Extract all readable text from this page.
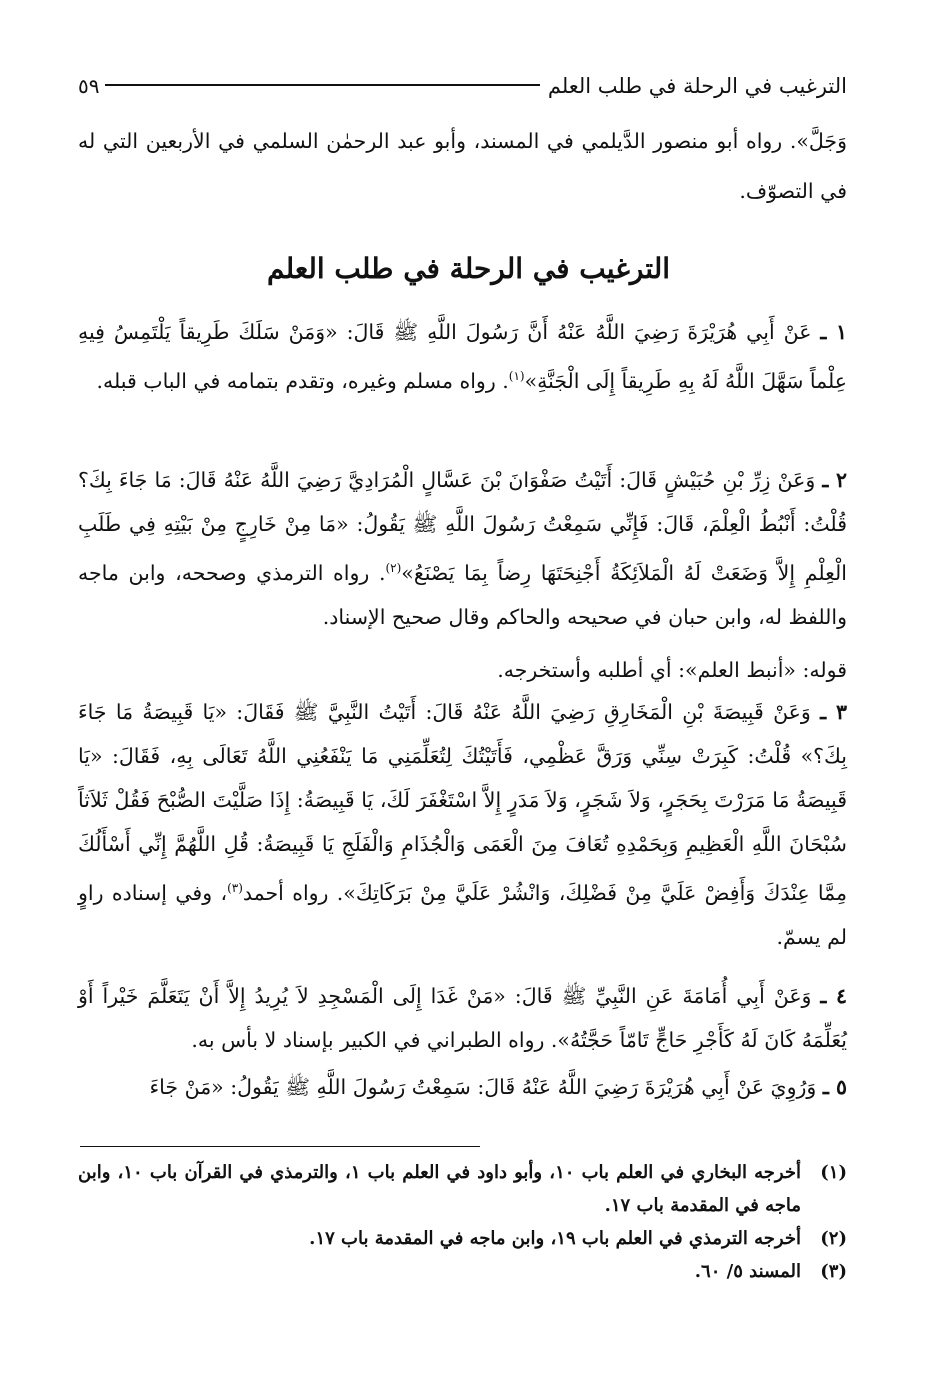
الترغيب في الرحلة في طلب العلم
٥٩

وَجَلَّ». رواه أبو منصور الدَّيلمي في المسند، وأبو عبد الرحمٰن السلمي في الأربعين التي له في التصوّف.

الترغيب في الرحلة في طلب العلم

١ ـ عَنْ أَبِي هُرَيْرَةَ رَضِيَ اللَّهُ عَنْهُ أَنَّ رَسُولَ اللَّهِ ﷺ قَالَ: «وَمَنْ سَلَكَ طَرِيقاً يَلْتَمِسُ فِيهِ عِلْماً سَهَّلَ اللَّهُ لَهُ بِهِ طَرِيقاً إِلَى الْجَنَّةِ»$^{(١)}$. رواه مسلم وغيره، وتقدم بتمامه في الباب قبله.

٢ ـ وَعَنْ زِرِّ بْنِ حُبَيْشٍ قَالَ: أَتَيْتُ صَفْوَانَ بْنَ عَسَّالٍ الْمُرَادِيَّ رَضِيَ اللَّهُ عَنْهُ قَالَ: مَا جَاءَ بِكَ؟ قُلْتُ: أَنْبُطُ الْعِلْمَ، قَالَ: فَإِنِّي سَمِعْتُ رَسُولَ اللَّهِ ﷺ يَقُولُ: «مَا مِنْ خَارِجٍ مِنْ بَيْتِهِ فِي طَلَبِ الْعِلْمِ إِلاَّ وَضَعَتْ لَهُ الْمَلاَئِكَةُ أَجْنِحَتَهَا رِضاً بِمَا يَصْنَعُ»$^{(٢)}$. رواه الترمذي وصححه، وابن ماجه واللفظ له، وابن حبان في صحيحه والحاكم وقال صحيح الإسناد.

قوله: «أنبط العلم»: أي أطلبه وأستخرجه.

٣ ـ وَعَنْ قَبِيصَةَ بْنِ الْمَخَارِقِ رَضِيَ اللَّهُ عَنْهُ قَالَ: أَتَيْتُ النَّبِيَّ ﷺ فَقَالَ: «يَا قَبِيصَةُ مَا جَاءَ بِكَ؟» قُلْتُ: كَبِرَتْ سِنِّي وَرَقَّ عَظْمِي، فَأَتَيْتُكَ لِتُعَلِّمَنِي مَا يَنْفَعُنِي اللَّهُ تَعَالَى بِهِ، فَقَالَ: «يَا قَبِيصَةُ مَا مَرَرْتَ بِحَجَرٍ، وَلاَ شَجَرٍ، وَلاَ مَدَرٍ إِلاَّ اسْتَغْفَرَ لَكَ، يَا قَبِيصَةُ: إِذَا صَلَّيْتَ الصُّبْحَ فَقُلْ ثَلاَثاً سُبْحَانَ اللَّهِ الْعَظِيمِ وَبِحَمْدِهِ تُعَافَ مِنَ الْعَمَى وَالْجُذَامِ وَالْفَلَجِ يَا قَبِيصَةُ: قُلِ اللَّهُمَّ إِنِّي أَسْأَلُكَ مِمَّا عِنْدَكَ وَأَفِضْ عَلَيَّ مِنْ فَضْلِكَ، وَانْشُرْ عَلَيَّ مِنْ بَرَكَاتِكَ». رواه أحمد$^{(٣)}$، وفي إسناده راوٍ لم يسمّ.

٤ ـ وَعَنْ أَبِي أُمَامَةَ عَنِ النَّبِيِّ ﷺ قَالَ: «مَنْ غَدَا إِلَى الْمَسْجِدِ لاَ يُرِيدُ إِلاَّ أَنْ يَتَعَلَّمَ خَيْراً أَوْ يُعَلِّمَهُ كَانَ لَهُ كَأَجْرِ حَاجٍّ تَامّاً حَجَّتُهُ». رواه الطبراني في الكبير بإسناد لا بأس به.

٥ ـ وَرُوِيَ عَنْ أَبِي هُرَيْرَةَ رَضِيَ اللَّهُ عَنْهُ قَالَ: سَمِعْتُ رَسُولَ اللَّهِ ﷺ يَقُولُ: «مَنْ جَاءَ

(١)
أخرجه البخاري في العلم باب ١٠، وأبو داود في العلم باب ١، والترمذي في القرآن باب ١٠، وابن ماجه في المقدمة باب ١٧.
(٢)
أخرجه الترمذي في العلم باب ١٩، وابن ماجه في المقدمة باب ١٧.
(٣)
المسند ٥/ ٦٠.
